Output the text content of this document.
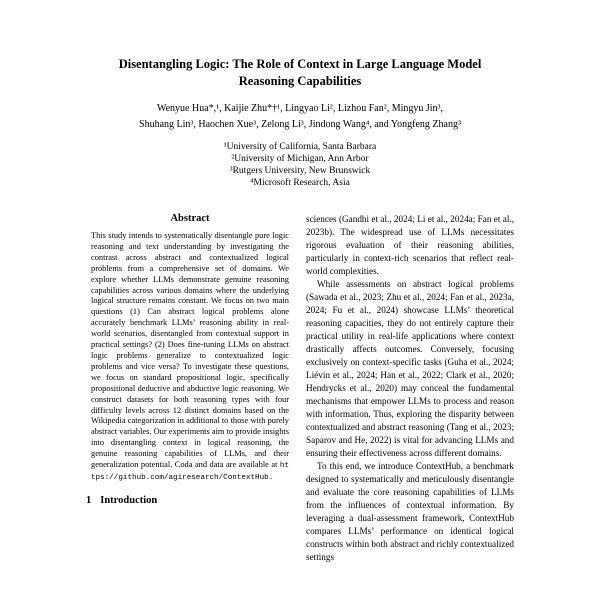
Disentangling Logic: The Role of Context in Large Language Model
Reasoning Capabilities
Wenyue Hua*,¹, Kaijie Zhu*†¹, Lingyao Li², Lizhou Fan², Mingyu Jin³,
Shuhang Lin³, Haochen Xue³, Zelong Li³, Jindong Wang⁴, and Yongfeng Zhang³
¹University of California, Santa Barbara
²University of Michigan, Ann Arbor
³Rutgers University, New Brunswick
⁴Microsoft Research, Asia
Abstract

This study intends to systematically disentangle pure logic reasoning and text understanding by investigating the contrast across abstract and contextualized logical problems from a comprehensive set of domains. We explore whether LLMs demonstrate genuine reasoning capabilities across various domains where the underlying logical structure remains constant. We focus on two main questions (1) Can abstract logical problems alone accurately benchmark LLMs’ reasoning ability in real-world scenarios, disentangled from contextual support in practical settings? (2) Does fine-tuning LLMs on abstract logic problems generalize to contextualized logic problems and vice versa? To investigate these questions, we focus on standard propositional logic, specifically propositional deductive and abductive logic reasoning. We construct datasets for both reasoning types with four difficulty levels across 12 distinct domains based on the Wikipedia categorization in additional to those with purely abstract variables. Our experiments aim to provide insights into disentangling context in logical reasoning, the genuine reasoning capabilities of LLMs, and their generalization potential. Coda and data are available at https://github.com/agiresearch/ContextHub.

1 Introduction

sciences (Gandhi et al., 2024; Li et al., 2024a; Fan et al., 2023b). The widespread use of LLMs necessitates rigorous evaluation of their reasoning abilities, particularly in context-rich scenarios that reflect real-world complexities.

While assessments on abstract logical problems (Sawada et al., 2023; Zhu et al., 2024; Fan et al., 2023a, 2024; Fu et al., 2024) showcase LLMs’ theoretical reasoning capacities, they do not entirely capture their practical utility in real-life applications where context drastically affects outcomes. Conversely, focusing exclusively on context-specific tasks (Guha et al., 2024; Liévin et al., 2024; Han et al., 2022; Clark et al., 2020; Hendrycks et al., 2020) may conceal the fundamental mechanisms that empower LLMs to process and reason with information. Thus, exploring the disparity between contextualized and abstract reasoning (Tang et al., 2023; Saparov and He, 2022) is vital for advancing LLMs and ensuring their effectiveness across different domains.

To this end, we introduce ContextHub, a benchmark designed to systematically and meticulously disentangle and evaluate the core reasoning capabilities of LLMs from the influences of contextual information. By leveraging a dual-assessment framework, ContextHub compares LLMs’ performance on identical logical constructs within both abstract and richly contextualized settings
